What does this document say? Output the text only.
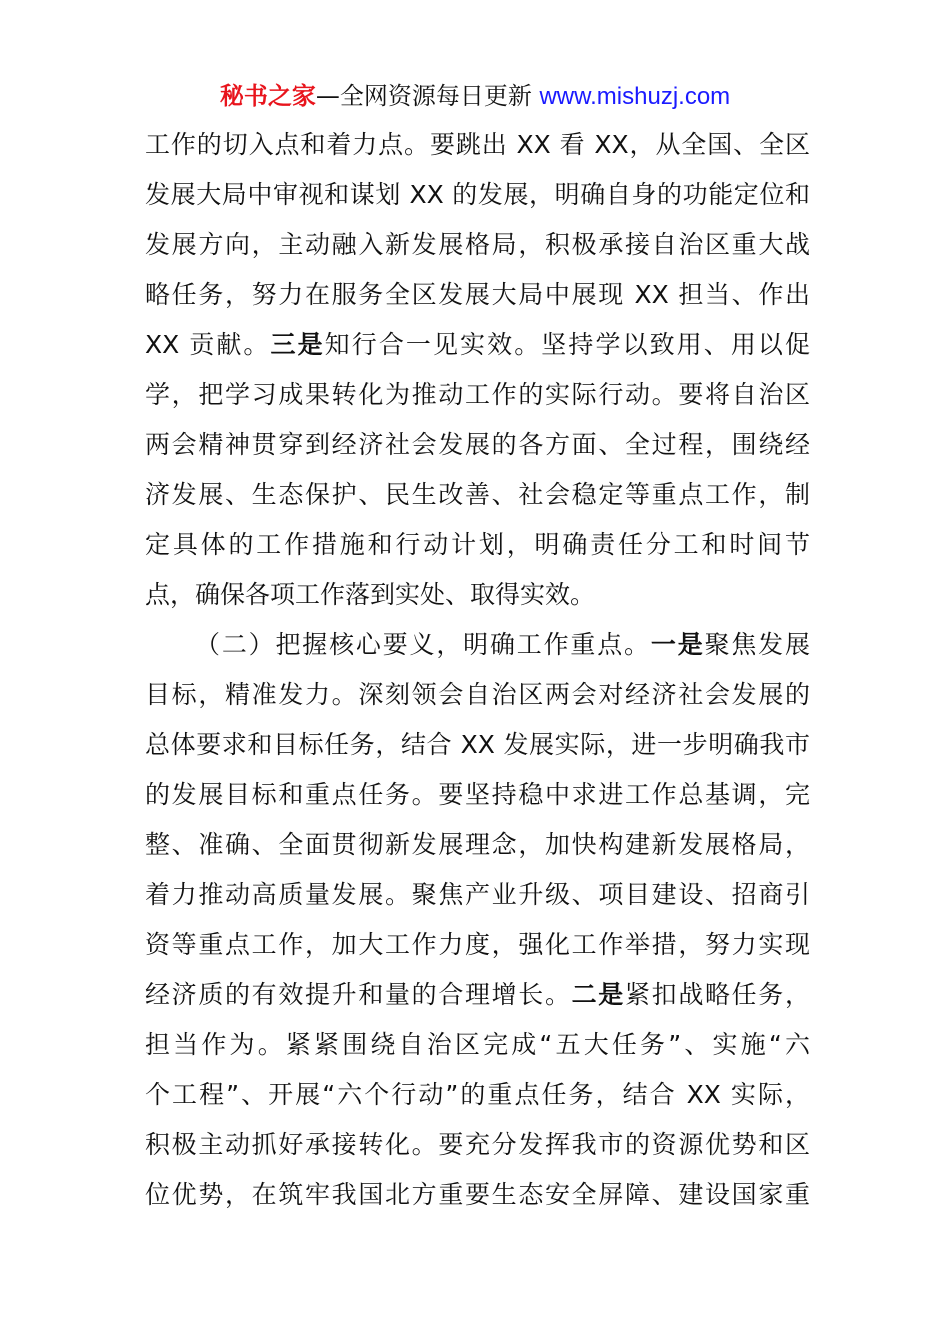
秘书之家—全网资源每日更新 www.mishuzj.com
工作的切入点和着力点。要跳出 XX 看 XX，从全国、全区
发展大局中审视和谋划 XX 的发展，明确自身的功能定位和
发展方向，主动融入新发展格局，积极承接自治区重大战
略任务，努力在服务全区发展大局中展现 XX 担当、作出
XX 贡献。三是知行合一见实效。坚持学以致用、用以促
学，把学习成果转化为推动工作的实际行动。要将自治区
两会精神贯穿到经济社会发展的各方面、全过程，围绕经
济发展、生态保护、民生改善、社会稳定等重点工作，制
定具体的工作措施和行动计划，明确责任分工和时间节
点，确保各项工作落到实处、取得实效。
（二）把握核心要义，明确工作重点。一是聚焦发展
目标，精准发力。深刻领会自治区两会对经济社会发展的
总体要求和目标任务，结合 XX 发展实际，进一步明确我市
的发展目标和重点任务。要坚持稳中求进工作总基调，完
整、准确、全面贯彻新发展理念，加快构建新发展格局，
着力推动高质量发展。聚焦产业升级、项目建设、招商引
资等重点工作，加大工作力度，强化工作举措，努力实现
经济质的有效提升和量的合理增长。二是紧扣战略任务，
担当作为。紧紧围绕自治区完成“五大任务”、实施“六
个工程”、开展“六个行动”的重点任务，结合 XX 实际，
积极主动抓好承接转化。要充分发挥我市的资源优势和区
位优势，在筑牢我国北方重要生态安全屏障、建设国家重
